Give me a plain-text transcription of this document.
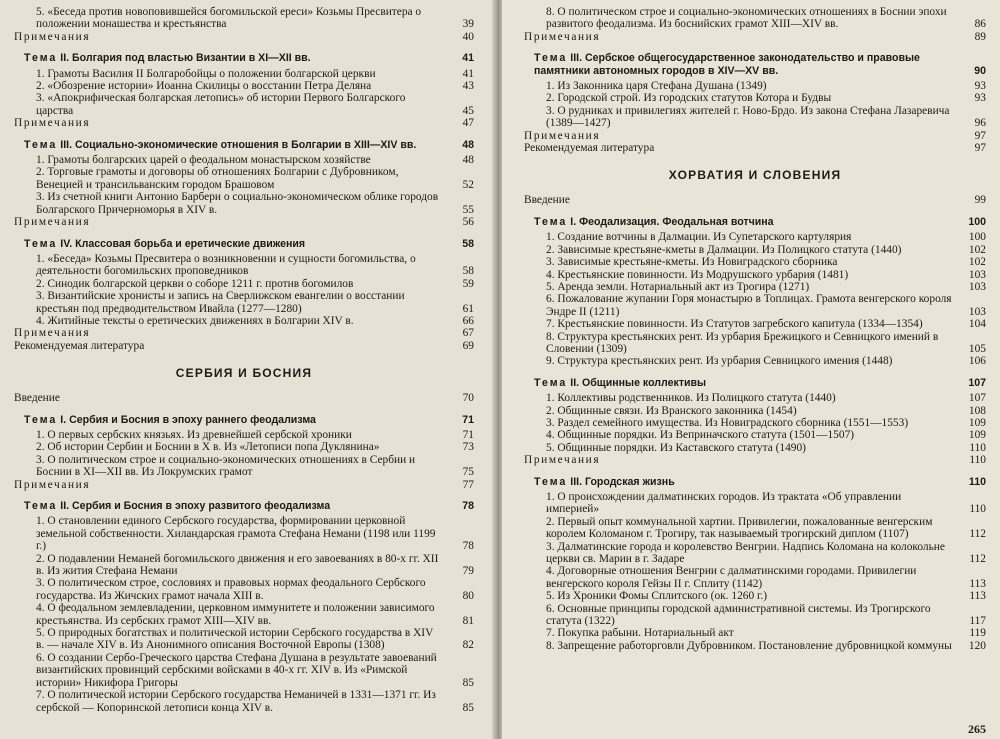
5. «Беседа против новоповившейся богомильской ереси» Козьмы Пресвитера о положении монашества и крестьянства	39
Примечания	40
Тема II. Болгария под властью Византии в XI—XII вв.	41
1. Грамоты Василия II Болгаробойцы о положении болгарской церкви	41
2. «Обозрение истории» Иоанна Скилицы о восстании Петра Деляна	43
3. «Апокрифическая болгарская летопись» об истории Первого Болгарского царства	45
Примечания	47
Тема III. Социально-экономические отношения в Болгарии в XIII—XIV вв.	48
1. Грамоты болгарских царей о феодальном монастырском хозяйстве	48
2. Торговые грамоты и договоры об отношениях Болгарии с Дубровником, Венецией и трансильванским городом Брашовом	52
3. Из счетной книги Антонио Барбери о социально-экономическом облике городов Болгарского Причерноморья в XIV в.	55
Примечания	56
Тема IV. Классовая борьба и еретические движения	58
1. «Беседа» Козьмы Пресвитера о возникновении и сущности богомильства, о деятельности богомильских проповедников	58
2. Синодик болгарской церкви о соборе 1211 г. против богомилов	59
3. Византийские хронисты и запись на Сверлижском евангелии о восстании крестьян под предводительством Ивайла (1277—1280)	61
4. Житийные тексты о еретических движениях в Болгарии XIV в.	66
Примечания	67
Рекомендуемая литература	69
СЕРБИЯ И БОСНИЯ
Введение	70
Тема I. Сербия и Босния в эпоху раннего феодализма	71
1. О первых сербских князьях. Из древнейшей сербской хроники	71
2. Об истории Сербии и Боснии в X в. Из «Летописи попа Дуклянина»	73
3. О политическом строе и социально-экономических отношениях в Сербии и Боснии в XI—XII вв. Из Локрумских грамот	75
Примечания	77
Тема II. Сербия и Босния в эпоху развитого феодализма	78
1. О становлении единого Сербского государства, формировании церковной земельной собственности. Хиландарская грамота Стефана Немани (1198 или 1199 г.)	78
2. О подавлении Неманей богомильского движения и его завоеваниях в 80-х гг. XII в. Из жития Стефана Немани	79
3. О политическом строе, сословиях и правовых нормах феодального Сербского государства. Из Жичских грамот начала XIII в.	80
4. О феодальном землевладении, церковном иммунитете и положении зависимого крестьянства. Из сербских грамот XIII—XIV вв.	81
5. О природных богатствах и политической истории Сербского государства в XIV в. — начале XIV в. Из Анонимного описания Восточной Европы (1308)	82
6. О создании Сербо-Греческого царства Стефана Душана в результате завоеваний византийских провинций сербскими войсками в 40-х гг. XIV в. Из «Римской истории» Никифора Григоры	85
7. О политической истории Сербского государства Неманичей в 1331—1371 гг. Из сербской — Копоринской летописи конца XIV в.	85
8. О политическом строе и социально-экономических отношениях в Боснии эпохи развитого феодализма. Из боснийских грамот XIII—XIV вв.	86
Примечания	89
Тема III. Сербское общегосударственное законодательство и правовые памятники автономных городов в XIV—XV вв.	90
1. Из Законника царя Стефана Душана (1349)	93
2. Городской строй. Из городских статутов Котора и Будвы	93
3. О рудниках и привилегиях жителей г. Ново-Брдо. Из закона Стефана Лазаревича (1389—1427)	96
Примечания	97
Рекомендуемая литература	97
ХОРВАТИЯ И СЛОВЕНИЯ
Введение	99
Тема I. Феодализация. Феодальная вотчина	100
1. Создание вотчины в Далмации. Из Супетарского картулярия	100
2. Зависимые крестьяне-кметы в Далмации. Из Полицкого статута (1440)	102
3. Зависимые крестьяне-кметы. Из Новиградского сборника	102
4. Крестьянские повинности. Из Модрушского урбария (1481)	103
5. Аренда земли. Нотариальный акт из Трогира (1271)	103
6. Пожалование жупании Горя монастырю в Топлицах. Грамота венгерского короля Эндре II (1211)	103
7. Крестьянские повинности. Из Статутов загребского капитула (1334—1354)	104
8. Структура крестьянских рент. Из урбария Брежицкого и Севницкого имений в Словении (1309)	105
9. Структура крестьянских рент. Из урбария Севницкого имения (1448)	106
Тема II. Общинные коллективы	107
1. Коллективы родственников. Из Полицкого статута (1440)	107
2. Общинные связи. Из Вранского законника (1454)	108
3. Раздел семейного имущества. Из Новиградского сборника (1551—1553)	109
4. Общинные порядки. Из Веприначского статута (1501—1507)	109
5. Общинные порядки. Из Каставского статута (1490)	110
Примечания	110
Тема III. Городская жизнь	110
1. О происхождении далматинских городов. Из трактата «Об управлении империей»	110
2. Первый опыт коммунальной хартии. Привилегии, пожалованные венгерским королем Коломаном г. Трогиру, так называемый трогирский диплом (1107)	112
3. Далматинские города и королевство Венгрии. Надпись Коломана на колокольне церкви св. Марии в г. Задаре	112
4. Договорные отношения Венгрии с далматинскими городами. Привилегии венгерского короля Гейзы II г. Сплиту (1142)	113
5. Из Хроники Фомы Сплитского (ок. 1260 г.)	113
6. Основные принципы городской административной системы. Из Трогирского статута (1322)	117
7. Покупка рабыни. Нотариальный акт	119
8. Запрещение работорговли Дубровником. Постановление дубровницкой коммуны	120
265
